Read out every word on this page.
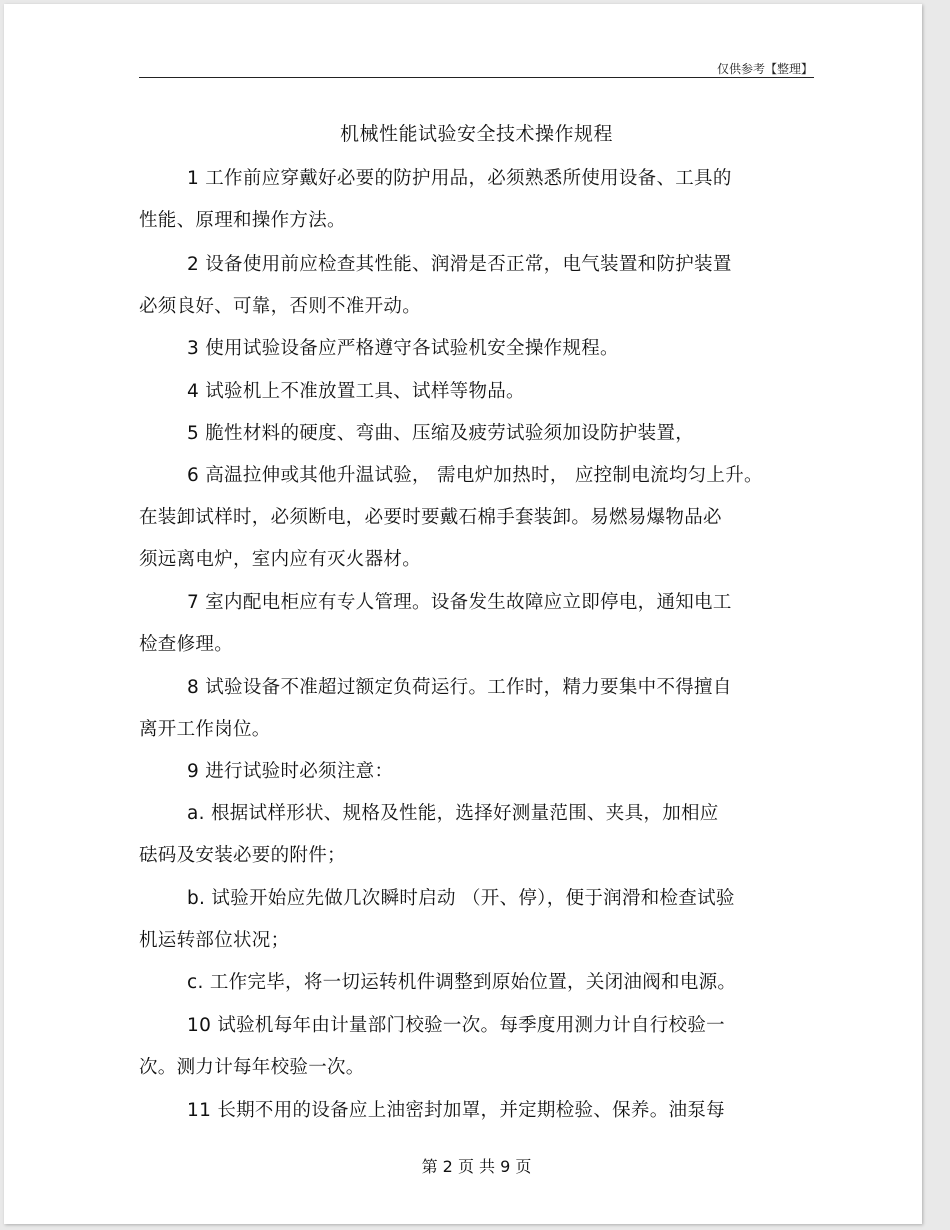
仅供参考【整理】
机械性能试验安全技术操作规程
1 工作前应穿戴好必要的防护用品，必须熟悉所使用设备、工具的
性能、原理和操作方法。
2 设备使用前应检查其性能、润滑是否正常，电气装置和防护装置
必须良好、可靠，否则不准开动。
3 使用试验设备应严格遵守各试验机安全操作规程。
4 试验机上不准放置工具、试样等物品。
5 脆性材料的硬度、弯曲、压缩及疲劳试验须加设防护装置，
6 高温拉伸或其他升温试验， 需电炉加热时， 应控制电流均匀上升。
在装卸试样时，必须断电，必要时要戴石棉手套装卸。易燃易爆物品必
须远离电炉，室内应有灭火器材。
7 室内配电柜应有专人管理。设备发生故障应立即停电，通知电工
检查修理。
8 试验设备不准超过额定负荷运行。工作时，精力要集中不得擅自
离开工作岗位。
9 进行试验时必须注意：
a. 根据试样形状、规格及性能，选择好测量范围、夹具，加相应
砝码及安装必要的附件；
b. 试验开始应先做几次瞬时启动 （开、停），便于润滑和检查试验
机运转部位状况；
c. 工作完毕，将一切运转机件调整到原始位置，关闭油阀和电源。
10 试验机每年由计量部门校验一次。每季度用测力计自行校验一
次。测力计每年校验一次。
11 长期不用的设备应上油密封加罩，并定期检验、保养。油泵每
第 2 页 共 9 页
